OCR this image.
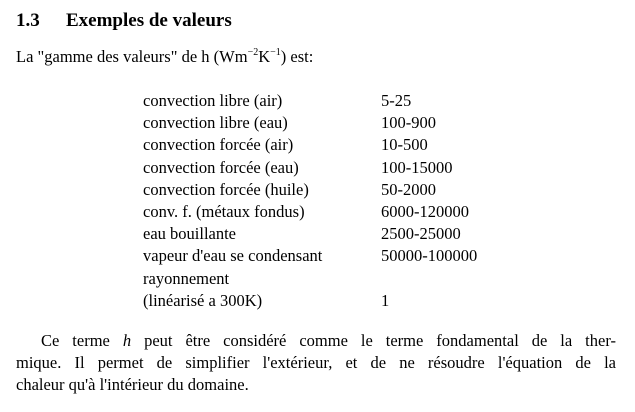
1.3 Exemples de valeurs
La "gamme des valeurs" de h $(Wm^{-2}K^{-1})$ est:
convection libre (air)	5-25
convection libre (eau)	100-900
convection forcée (air)	10-500
convection forcée (eau)	100-15000
convection forcée (huile)	50-2000
conv. f. (métaux fondus)	6000-120000
eau bouillante	2500-25000
vapeur d'eau se condensant	50000-100000
rayonnement
(linéarisé a 300K)	1
Ce terme h peut être considéré comme le terme fondamental de la ther-
mique. Il permet de simplifier l'extérieur, et de ne résoudre l'équation de la
chaleur qu'à l'intérieur du domaine.
